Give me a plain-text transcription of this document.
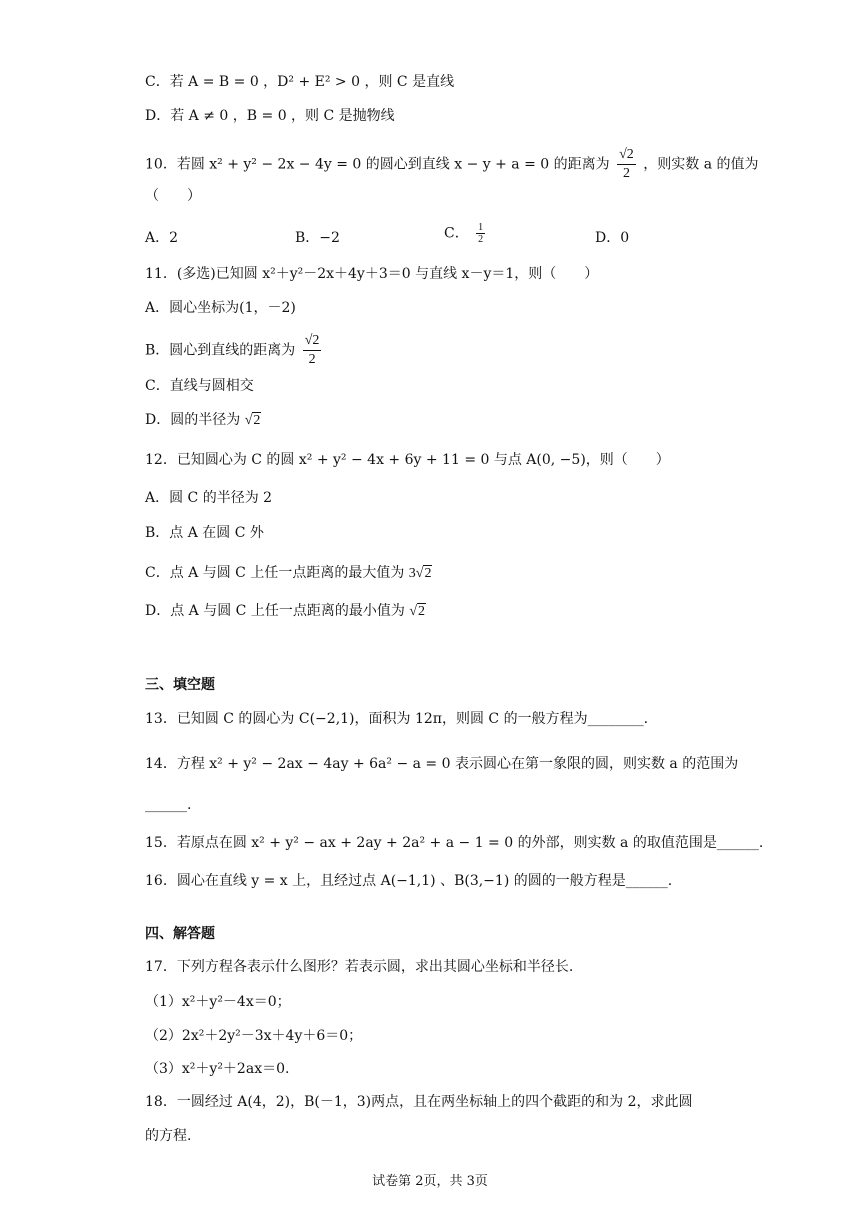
C．若 A = B = 0 ，D² + E² > 0 ，则 C 是直线
D．若 A ≠ 0 ，B = 0 ，则 C 是抛物线
10．若圆 x² + y² − 2x − 4y = 0 的圆心到直线 x − y + a = 0 的距离为 $\frac{√2}{2}$ ，则实数 a 的值为
（　　）
A．2	B．−2	C． $\frac{1}{2}$	D．0
11．(多选)已知圆 x²＋y²－2x＋4y＋3＝0 与直线 x－y＝1，则（　　）
A．圆心坐标为(1，－2)
B．圆心到直线的距离为 $\frac{√2}{2}$
C．直线与圆相交
D．圆的半径为 √2
12．已知圆心为 C 的圆 x² + y² − 4x + 6y + 11 = 0 与点 A(0, −5)，则（　　）
A．圆 C 的半径为 2
B．点 A 在圆 C 外
C．点 A 与圆 C 上任一点距离的最大值为 3√2
D．点 A 与圆 C 上任一点距离的最小值为 √2
三、填空题
13．已知圆 C 的圆心为 C(−2,1)，面积为 12π，则圆 C 的一般方程为________.
14．方程 x² + y² − 2ax − 4ay + 6a² − a = 0 表示圆心在第一象限的圆，则实数 a 的范围为
______.
15．若原点在圆 x² + y² − ax + 2ay + 2a² + a − 1 = 0 的外部，则实数 a 的取值范围是______.
16．圆心在直线 y = x 上，且经过点 A(−1,1) 、B(3,−1) 的圆的一般方程是______.
四、解答题
17．下列方程各表示什么图形？若表示圆，求出其圆心坐标和半径长.
（1）x²＋y²－4x＝0；
（2）2x²＋2y²－3x＋4y＋6＝0；
（3）x²＋y²＋2ax＝0.
18．一圆经过 A(4，2)，B(－1，3)两点，且在两坐标轴上的四个截距的和为 2，求此圆
的方程.
试卷第 2页，共 3页
